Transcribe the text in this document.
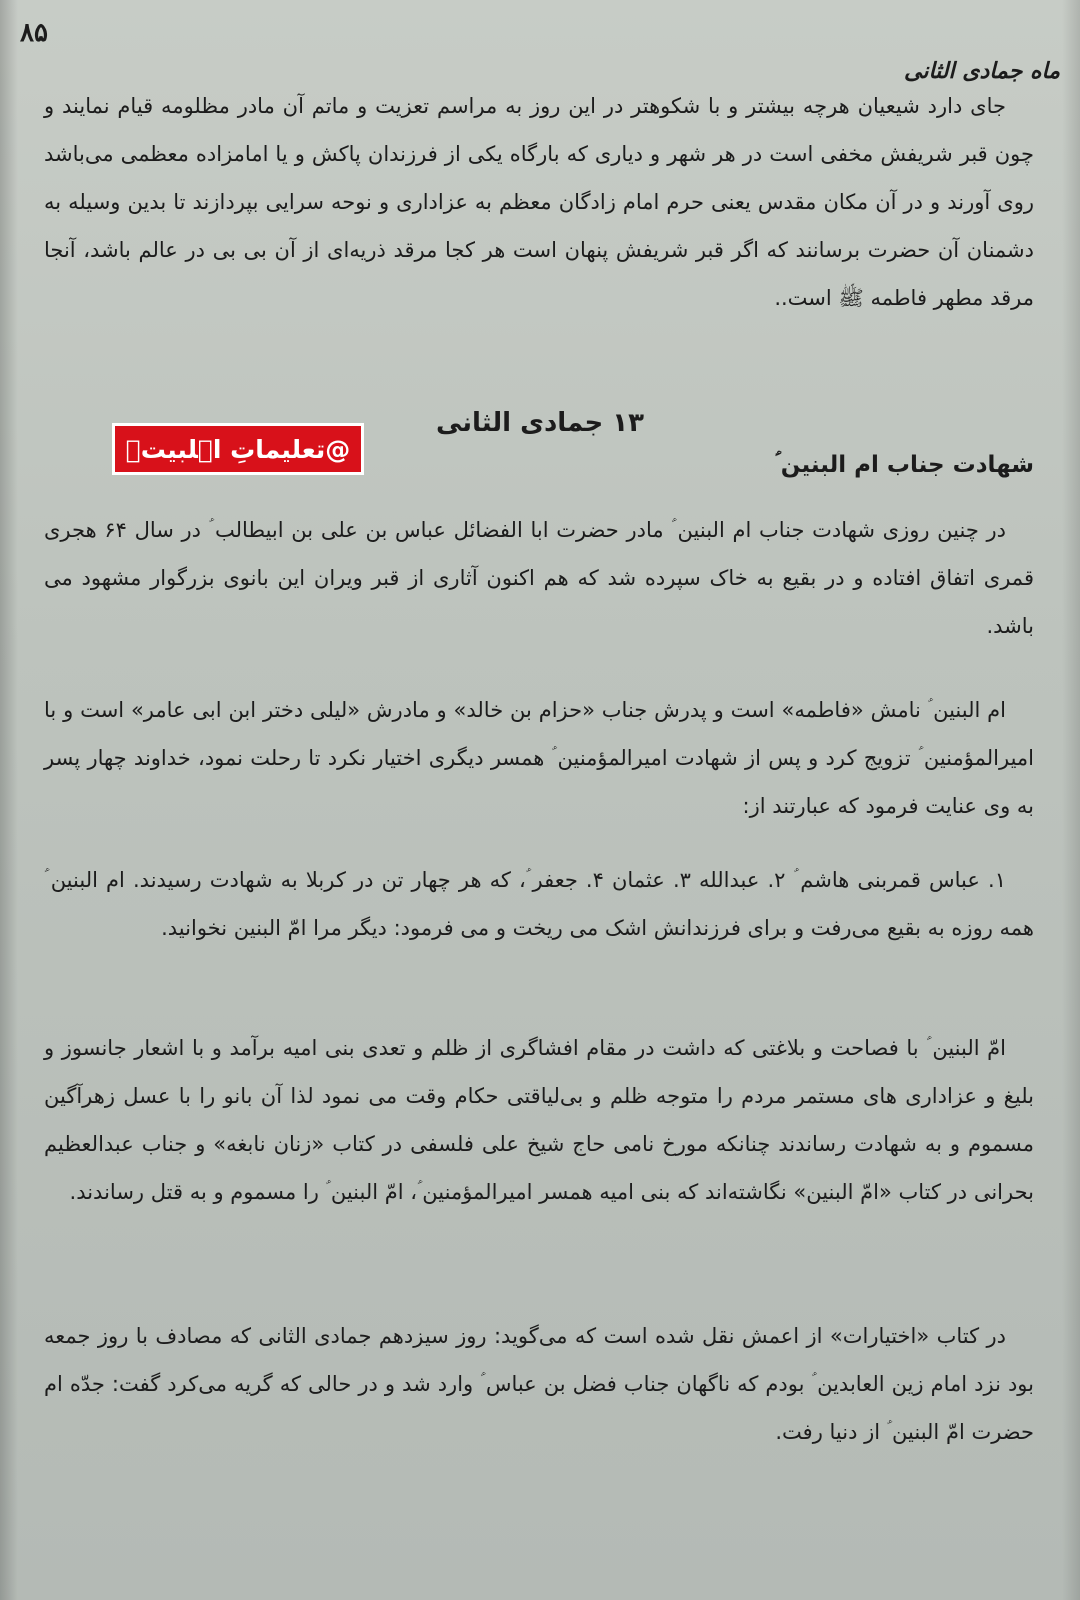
۸۵
ماه جمادی الثانی

جای دارد شیعیان هرچه بیشتر و با شکوهتر در این روز به مراسم تعزیت و ماتم آن مادر مظلومه قیام نمایند و چون قبر شریفش مخفی است در هر شهر و دیاری که بارگاه یکی از فرزندان پاکش و یا امامزاده معظمی می‌باشد روی آورند و در آن مکان مقدس یعنی حرم امام زادگان معظم به عزاداری و نوحه سرایی بپردازند تا بدین وسیله به دشمنان آن حضرت برسانند که اگر قبر شریفش پنهان است هر کجا مرقد ذریه‌ای از آن بی بی در عالم باشد، آنجا مرقد مطهر فاطمه ﷺ است..

۱۳ جمادی الثانی
@تعلیماتِ اہلبیتؑ
شهادت جناب ام البنین ؑ

در چنین روزی شهادت جناب ام البنین ؑ مادر حضرت ابا الفضائل عباس بن علی بن ابیطالب ؑ در سال ۶۴ هجری قمری اتفاق افتاده و در بقیع به خاک سپرده شد که هم اکنون آثاری از قبر ویران این بانوی بزرگوار مشهود می باشد.

ام البنین ؑ نامش «فاطمه» است و پدرش جناب «حزام بن خالد» و مادرش «لیلی دختر ابن ابی عامر» است و با امیرالمؤمنین ؑ تزویج کرد و پس از شهادت امیرالمؤمنین ؑ همسر دیگری اختیار نکرد تا رحلت نمود، خداوند چهار پسر به وی عنایت فرمود که عبارتند از:

۱. عباس قمربنی هاشم ؑ ۲. عبدالله ۳. عثمان ۴. جعفر ؑ، که هر چهار تن در کربلا به شهادت رسیدند. ام البنین ؑ همه روزه به بقیع می‌رفت و برای فرزندانش اشک می ریخت و می فرمود: دیگر مرا امّ البنین نخوانید.

امّ البنین ؑ با فصاحت و بلاغتی که داشت در مقام افشاگری از ظلم و تعدی بنی امیه برآمد و با اشعار جانسوز و بلیغ و عزاداری های مستمر مردم را متوجه ظلم و بی‌لیاقتی حکام وقت می نمود لذا آن بانو را با عسل زهرآگین مسموم و به شهادت رساندند چنانکه مورخ نامی حاج شیخ علی فلسفی در کتاب «زنان نابغه» و جناب عبدالعظیم بحرانی در کتاب «امّ البنین» نگاشته‌اند که بنی امیه همسر امیرالمؤمنین ؑ، امّ البنین ؑ را مسموم و به قتل رساندند.

در کتاب «اختیارات» از اعمش نقل شده است که می‌گوید: روز سیزدهم جمادی الثانی که مصادف با روز جمعه بود نزد امام زین العابدین ؑ بودم که ناگهان جناب فضل بن عباس ؑ وارد شد و در حالی که گریه می‌کرد گفت: جدّه ام حضرت امّ البنین ؑ از دنیا رفت.
